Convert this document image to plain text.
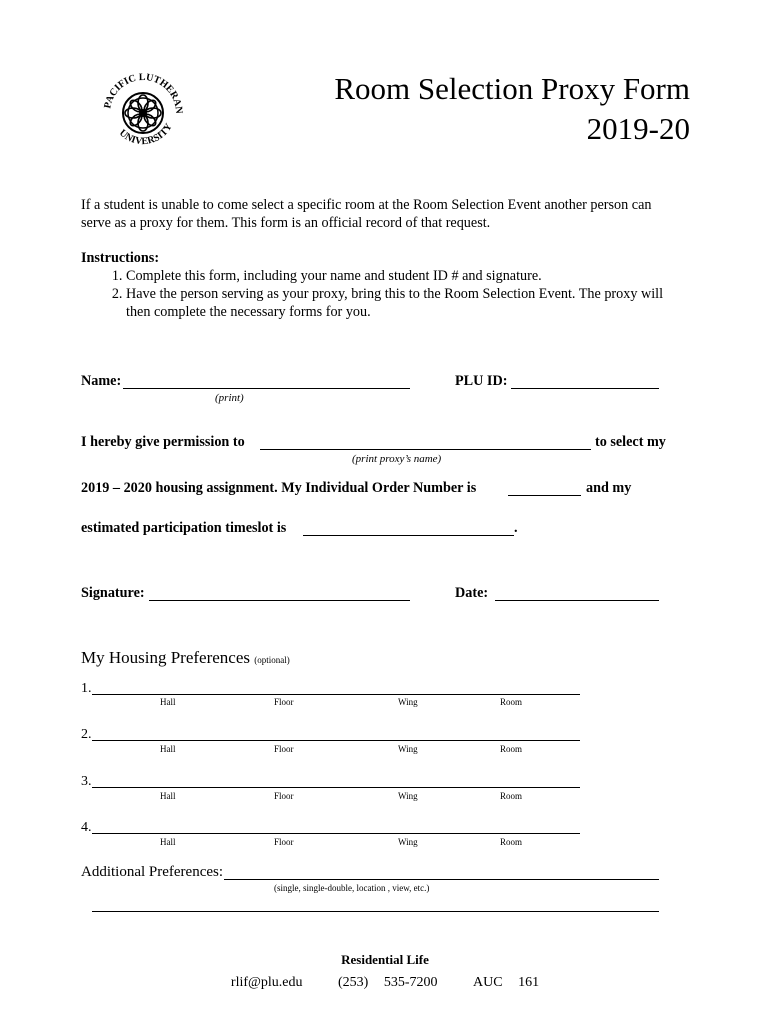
PACIFIC LUTHERAN
UNIVERSITY
Room Selection Proxy Form
2019-20
If a student is unable to come select a specific room at the Room Selection Event another person can serve as a proxy for them. This form is an official record of that request.
Instructions:
1. Complete this form, including your name and student ID # and signature.
2. Have the person serving as your proxy, bring this to the Room Selection Event. The proxy will then complete the necessary forms for you.
Name:
(print)
PLU ID:
I hereby give permission to	to select my
(print proxy’s name)
2019 – 2020 housing assignment. My Individual Order Number is	and my
estimated participation timeslot is	.
Signature:	Date:
My Housing Preferences (optional)
1.
Hall	Floor	Wing	Room
2.
Hall	Floor	Wing	Room
3.
Hall	Floor	Wing	Room
4.
Hall	Floor	Wing	Room
Additional Preferences:
(single, single-double, location , view, etc.)
Residential Life
rlif@plu.edu	(253) 535-7200	AUC 161
